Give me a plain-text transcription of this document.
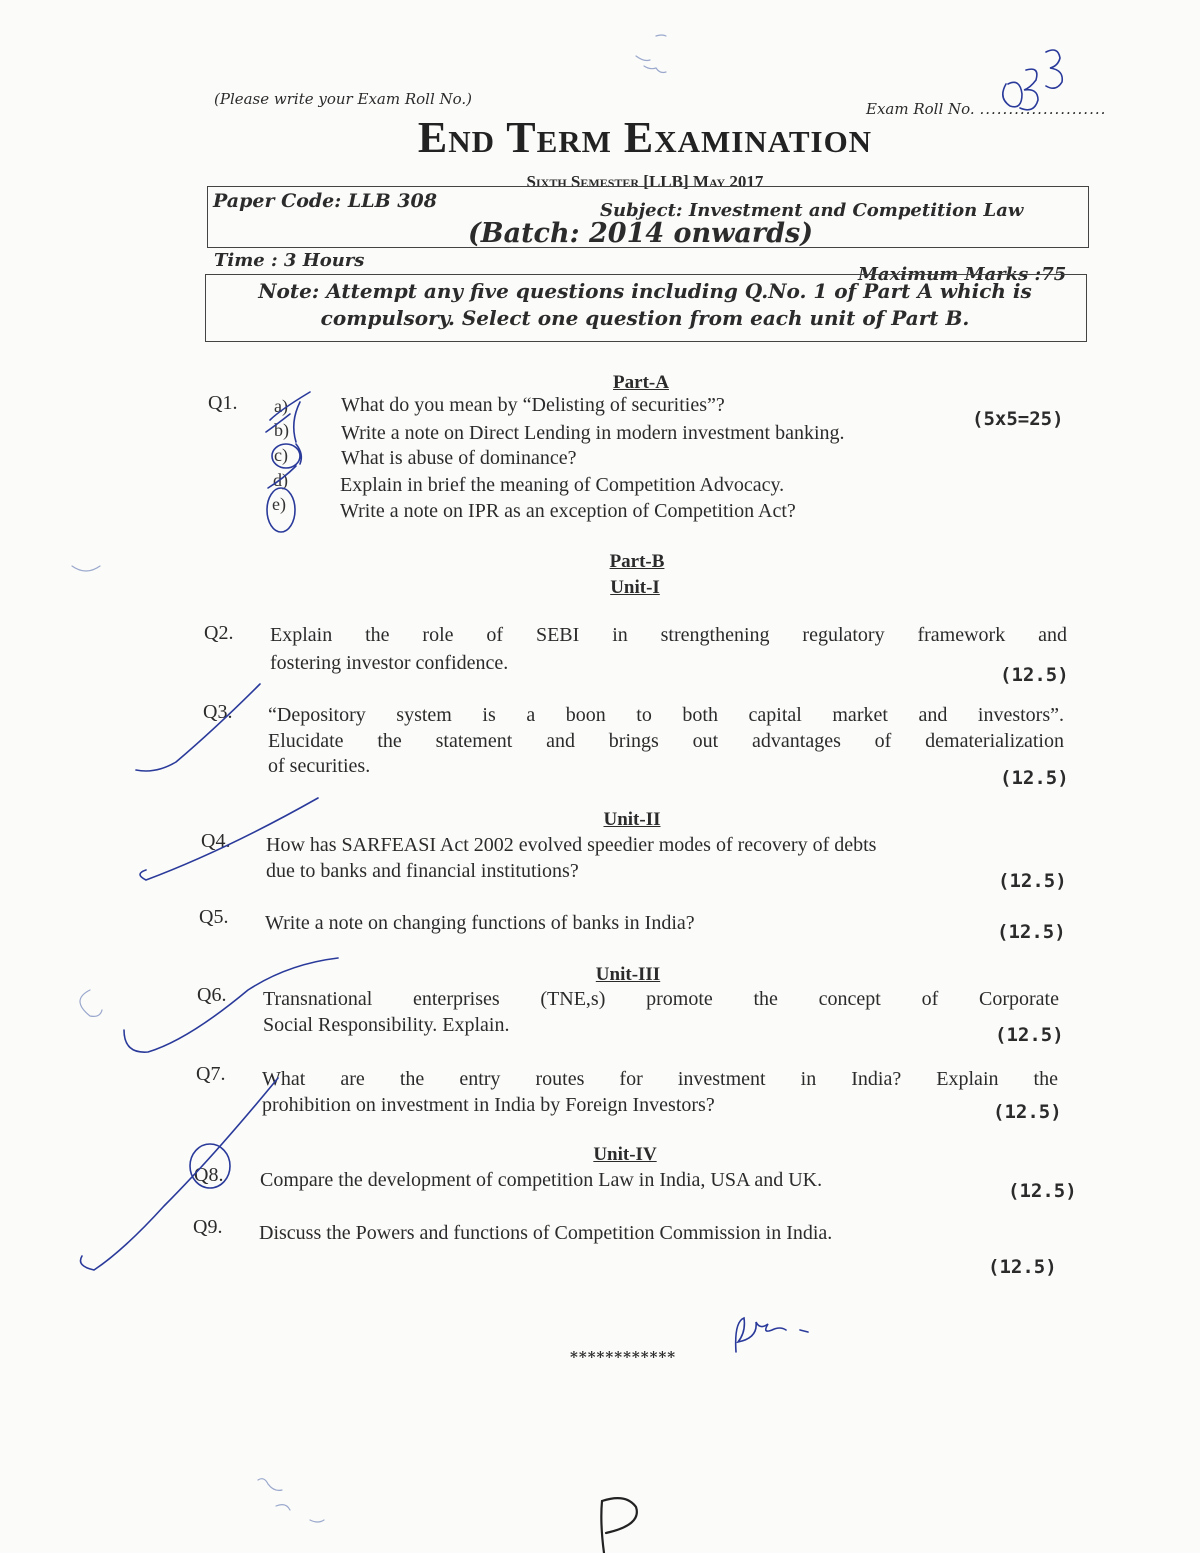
(Please write your Exam Roll No.)
Exam Roll No. ......................
End Term Examination
Sixth Semester [LLB] May 2017
Paper Code: LLB 308	Subject: Investment and Competition Law
(Batch: 2014 onwards)
Time : 3 Hours
Maximum Marks :75
Note: Attempt any five questions including Q.No. 1 of Part A which is
compulsory. Select one question from each unit of Part B.
Part-A
Q1.
(5x5=25)
a)	What do you mean by “Delisting of securities”?
b)	Write a note on Direct Lending in modern investment banking.
c)	What is abuse of dominance?
d)	Explain in brief the meaning of Competition Advocacy.
e)	Write a note on IPR as an exception of Competition Act?
Part-B
Unit-I
Q2. Explain the role of SEBI in strengthening regulatory framework and
fostering investor confidence.
(12.5)
Q3. “Depository system is a boon to both capital market and investors”.
Elucidate the statement and brings out advantages of dematerialization
of securities.
(12.5)
Unit-II
Q4. How has SARFEASI Act 2002 evolved speedier modes of recovery of debts
due to banks and financial institutions?	(12.5)
Q5. Write a note on changing functions of banks in India?	(12.5)
Unit-III
Q6. Transnational enterprises (TNE,s) promote the concept of Corporate
Social Responsibility. Explain.	(12.5)
Q7. What are the entry routes for investment in India? Explain the
prohibition on investment in India by Foreign Investors?	(12.5)
Unit-IV
Q8. Compare the development of competition Law in India, USA and UK.	(12.5)
Q9. Discuss the Powers and functions of Competition Commission in India.
(12.5)
************
